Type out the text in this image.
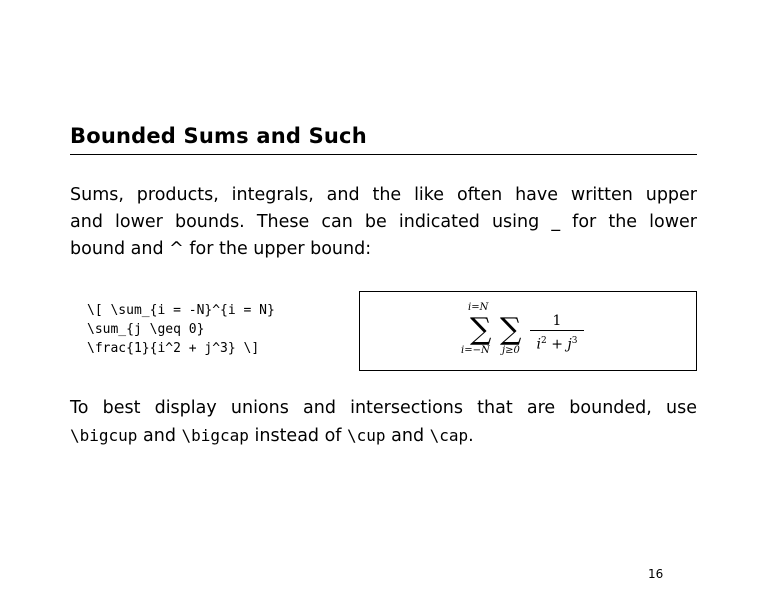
Bounded Sums and Such
Sums, products, integrals, and the like often have written upper
and lower bounds. These can be indicated using _ for the lower
bound and ^ for the upper bound:
\[ \sum_{i = -N}^{i = N}
\sum_{j \geq 0}
\frac{1}{i^2 + j^3} \]
i=N
∑
i=−N
∑
j≥0
1
$i^2 + j^3$
To best display unions and intersections that are bounded, use
\bigcup and \bigcap instead of \cup and \cap.
16
